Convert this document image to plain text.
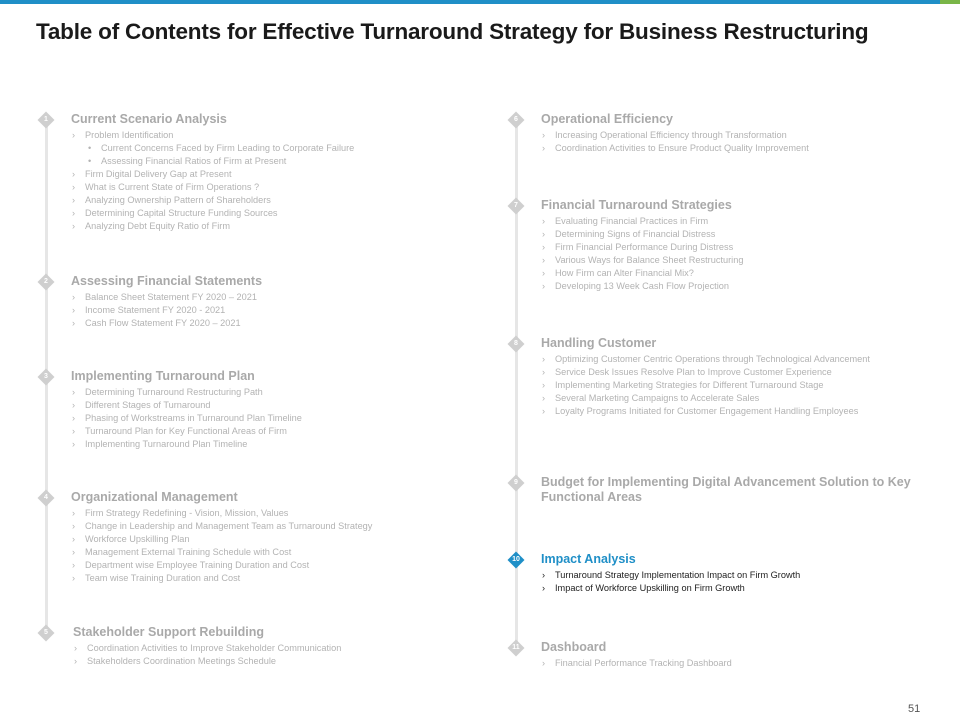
Table of Contents for Effective Turnaround Strategy for Business Restructuring
1	Current Scenario Analysis
› Problem Identification
• Current Concerns Faced by Firm Leading to Corporate Failure
• Assessing Financial Ratios of Firm at Present
› Firm Digital Delivery Gap at Present
› What is Current State of Firm Operations ?
› Analyzing Ownership Pattern of Shareholders
› Determining Capital Structure Funding Sources
› Analyzing Debt Equity Ratio of Firm
2	Assessing Financial Statements
› Balance Sheet Statement FY 2020 – 2021
› Income Statement FY 2020 - 2021
› Cash Flow Statement FY 2020 – 2021
3	Implementing Turnaround Plan
› Determining Turnaround Restructuring Path
› Different Stages of Turnaround
› Phasing of Workstreams in Turnaround Plan Timeline
› Turnaround Plan for Key Functional Areas of Firm
› Implementing Turnaround Plan Timeline
4	Organizational Management
› Firm Strategy Redefining - Vision, Mission, Values
› Change in Leadership and Management Team as Turnaround Strategy
› Workforce Upskilling Plan
› Management External Training Schedule with Cost
› Department wise Employee Training Duration and Cost
› Team wise Training Duration and Cost
5	Stakeholder Support Rebuilding
› Coordination Activities to Improve Stakeholder Communication
› Stakeholders Coordination Meetings Schedule
6	Operational Efficiency
› Increasing Operational Efficiency through Transformation
› Coordination Activities to Ensure Product Quality Improvement
7	Financial Turnaround Strategies
› Evaluating Financial Practices in Firm
› Determining Signs of Financial Distress
› Firm Financial Performance During Distress
› Various Ways for Balance Sheet Restructuring
› How Firm can Alter Financial Mix?
› Developing 13 Week Cash Flow Projection
8	Handling Customer
› Optimizing Customer Centric Operations through Technological Advancement
› Service Desk Issues Resolve Plan to Improve Customer Experience
› Implementing Marketing Strategies for Different Turnaround Stage
› Several Marketing Campaigns to Accelerate Sales
› Loyalty Programs Initiated for Customer Engagement Handling Employees
9	Budget for Implementing Digital Advancement Solution to Key Functional Areas
10 Impact Analysis
› Turnaround Strategy Implementation Impact on Firm Growth
› Impact of Workforce Upskilling on Firm Growth
11 Dashboard
› Financial Performance Tracking Dashboard
51
